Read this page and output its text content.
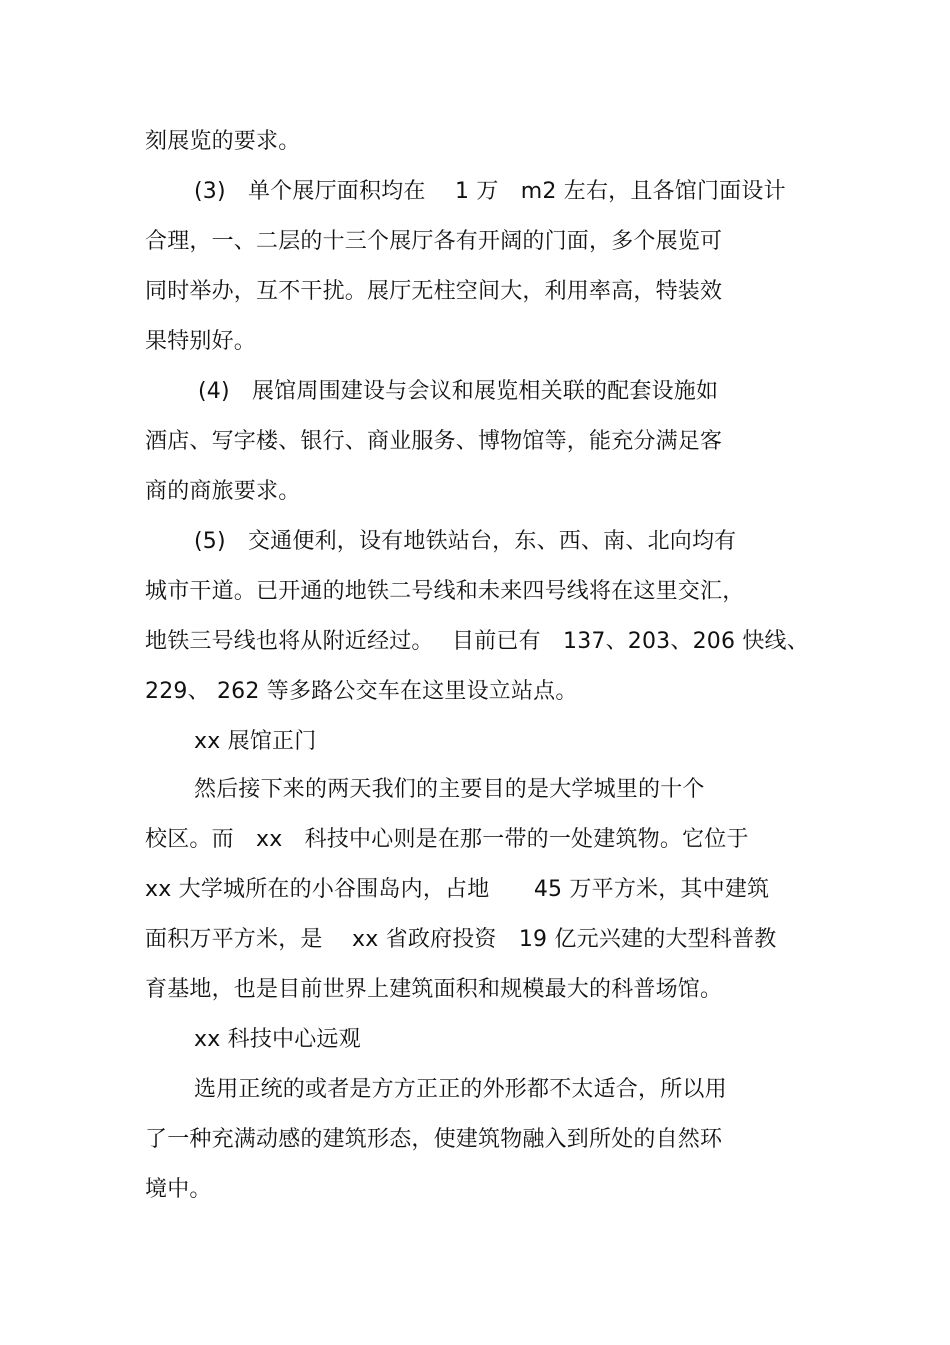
刻展览的要求。
(3)　单个展厅面积均在　 1 万　m2 左右，且各馆门面设计
合理，一、二层的十三个展厅各有开阔的门面，多个展览可
同时举办，互不干扰。展厅无柱空间大，利用率高，特装效
果特别好。
(4)　展馆周围建设与会议和展览相关联的配套设施如
酒店、写字楼、银行、商业服务、博物馆等，能充分满足客
商的商旅要求。
(5)　交通便利，设有地铁站台，东、西、南、北向均有
城市干道。已开通的地铁二号线和未来四号线将在这里交汇，
地铁三号线也将从附近经过。　 目前已有　137、203、206 快线、
229、 262 等多路公交车在这里设立站点。
xx 展馆正门
然后接下来的两天我们的主要目的是大学城里的十个
校区。而　xx　科技中心则是在那一带的一处建筑物。它位于
xx 大学城所在的小谷围岛内，占地　　45 万平方米，其中建筑
面积万平方米，是　 xx 省政府投资　19 亿元兴建的大型科普教
育基地，也是目前世界上建筑面积和规模最大的科普场馆。
xx 科技中心远观
选用正统的或者是方方正正的外形都不太适合，所以用
了一种充满动感的建筑形态，使建筑物融入到所处的自然环
境中。
